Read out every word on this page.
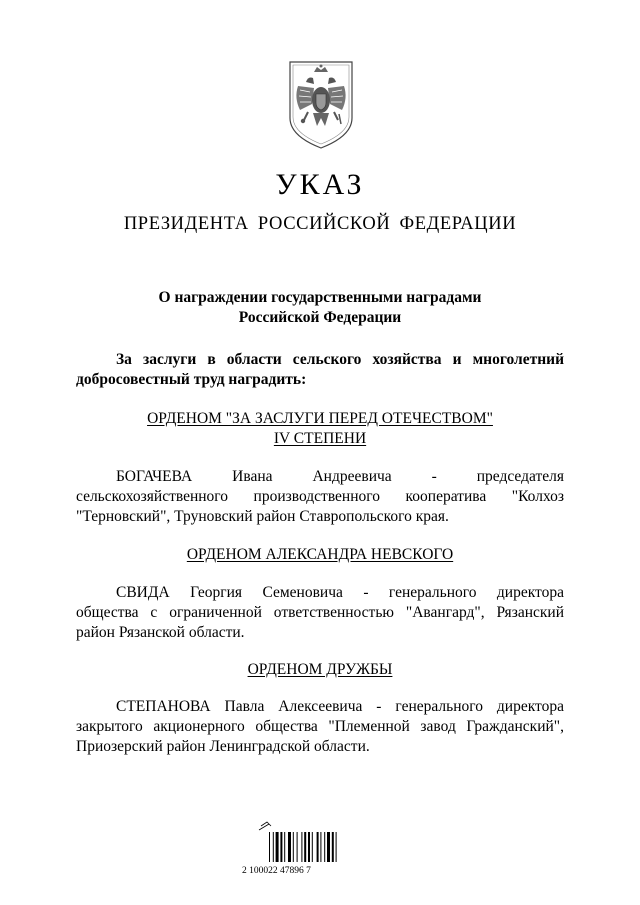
УКАЗ
ПРЕЗИДЕНТА РОССИЙСКОЙ ФЕДЕРАЦИИ
О награждении государственными наградами
Российской Федерации
За заслуги в области сельского хозяйства и многолетний
добросовестный труд наградить:
ОРДЕНОМ "ЗА ЗАСЛУГИ ПЕРЕД ОТЕЧЕСТВОМ"
IV СТЕПЕНИ
БОГАЧЕВА Ивана Андреевича - председателя
сельскохозяйственного производственного кооператива "Колхоз
"Терновский", Труновский район Ставропольского края.
ОРДЕНОМ АЛЕКСАНДРА НЕВСКОГО
СВИДА Георгия Семеновича - генерального директора
общества с ограниченной ответственностью "Авангард", Рязанский
район Рязанской области.
ОРДЕНОМ ДРУЖБЫ
СТЕПАНОВА Павла Алексеевича - генерального директора
закрытого акционерного общества "Племенной завод Гражданский",
Приозерский район Ленинградской области.
2 100022 47896 7
